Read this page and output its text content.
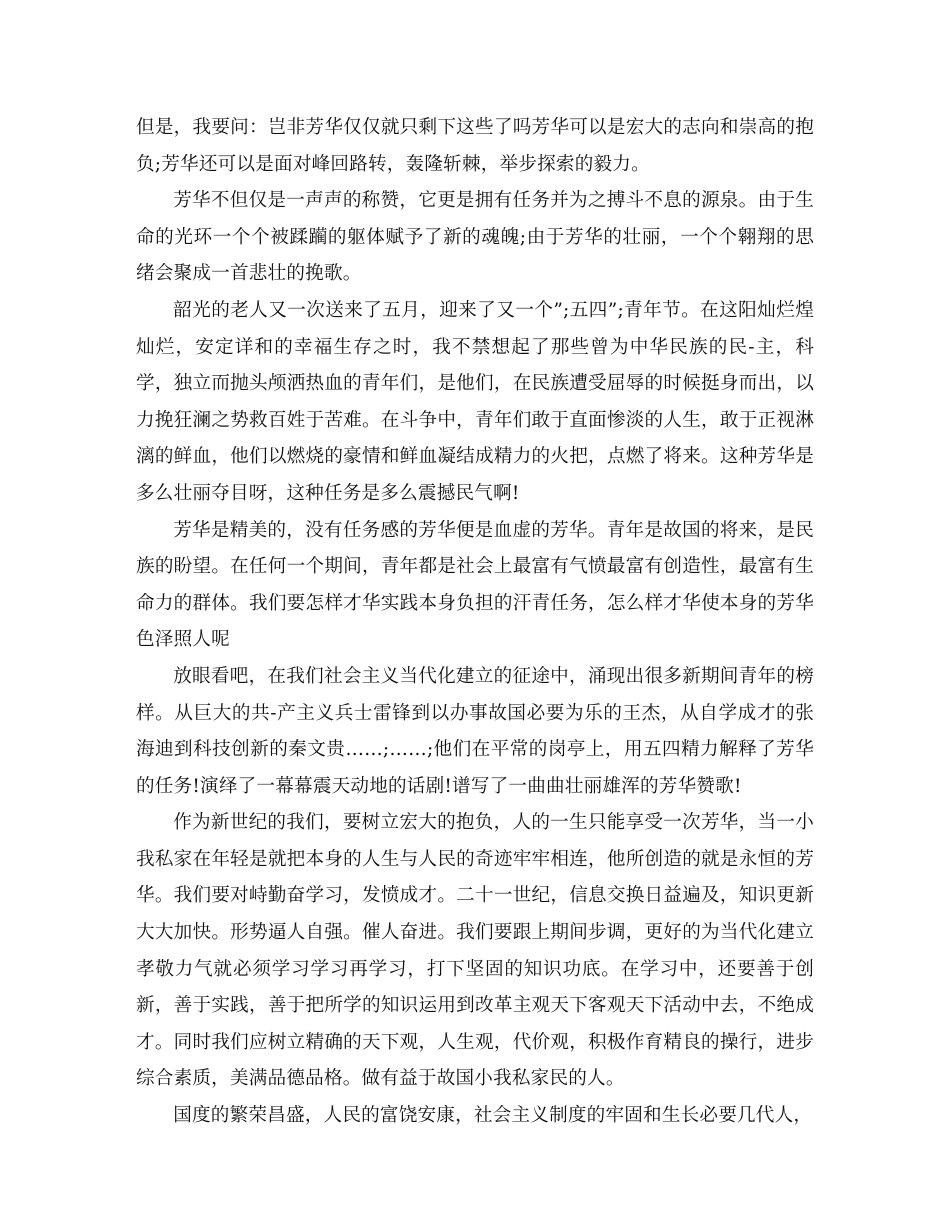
但是，我要问：岂非芳华仅仅就只剩下这些了吗芳华可以是宏大的志向和崇高的抱负;芳华还可以是面对峰回路转，轰隆斩棘，举步探索的毅力。

芳华不但仅是一声声的称赞，它更是拥有任务并为之搏斗不息的源泉。由于生命的光环一个个被蹂躏的躯体赋予了新的魂魄;由于芳华的壮丽，一个个翱翔的思绪会聚成一首悲壮的挽歌。

韶光的老人又一次送来了五月，迎来了又一个”;五四”;青年节。在这阳灿烂煌灿烂，安定详和的幸福生存之时，我不禁想起了那些曾为中华民族的民-主，科学，独立而抛头颅洒热血的青年们，是他们，在民族遭受屈辱的时候挺身而出，以力挽狂澜之势救百姓于苦难。在斗争中，青年们敢于直面惨淡的人生，敢于正视淋漓的鲜血，他们以燃烧的豪情和鲜血凝结成精力的火把，点燃了将来。这种芳华是多么壮丽夺目呀，这种任务是多么震撼民气啊!

芳华是精美的，没有任务感的芳华便是血虚的芳华。青年是故国的将来，是民族的盼望。在任何一个期间，青年都是社会上最富有气愤最富有创造性，最富有生命力的群体。我们要怎样才华实践本身负担的汗青任务，怎么样才华使本身的芳华色泽照人呢

放眼看吧，在我们社会主义当代化建立的征途中，涌现出很多新期间青年的榜样。从巨大的共-产主义兵士雷锋到以办事故国必要为乐的王杰，从自学成才的张海迪到科技创新的秦文贵……;……;他们在平常的岗亭上，用五四精力解释了芳华的任务!演绎了一幕幕震天动地的话剧!谱写了一曲曲壮丽雄浑的芳华赞歌!

作为新世纪的我们，要树立宏大的抱负，人的一生只能享受一次芳华，当一小我私家在年轻是就把本身的人生与人民的奇迹牢牢相连，他所创造的就是永恒的芳华。我们要对峙勤奋学习，发愤成才。二十一世纪，信息交换日益遍及，知识更新大大加快。形势逼人自强。催人奋进。我们要跟上期间步调，更好的为当代化建立孝敬力气就必须学习学习再学习，打下坚固的知识功底。在学习中，还要善于创新，善于实践，善于把所学的知识运用到改革主观天下客观天下活动中去，不绝成才。同时我们应树立精确的天下观，人生观，代价观，积极作育精良的操行，进步综合素质，美满品德品格。做有益于故国小我私家民的人。

国度的繁荣昌盛，人民的富饶安康，社会主义制度的牢固和生长必要几代人，
